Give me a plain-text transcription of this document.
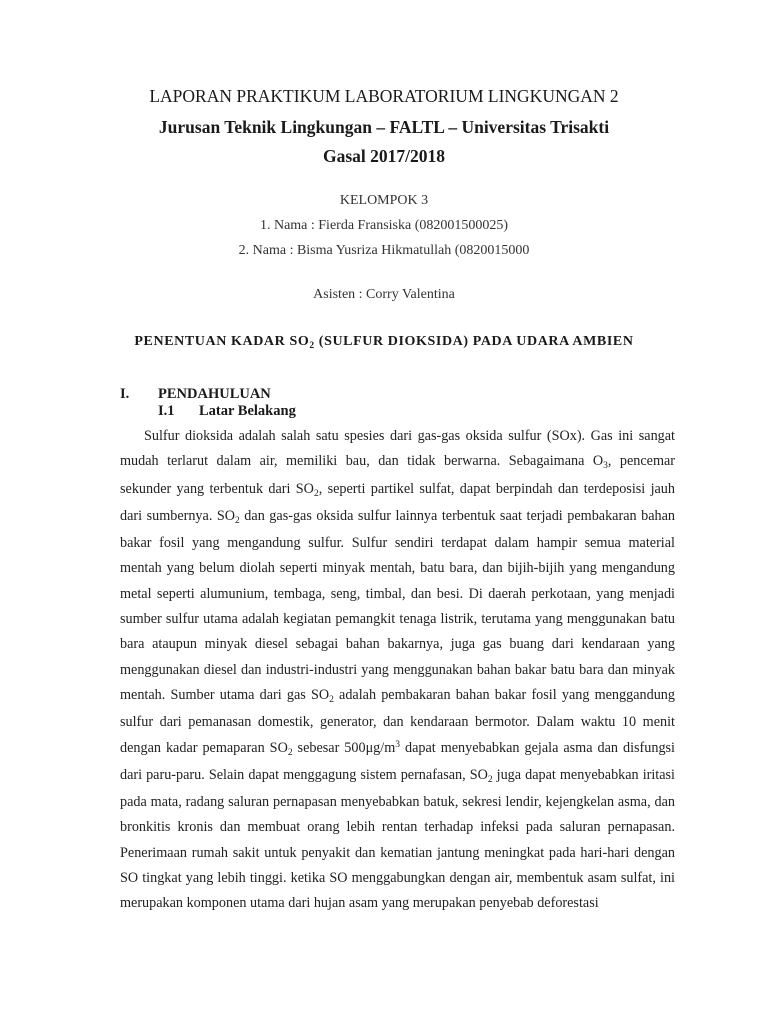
LAPORAN PRAKTIKUM LABORATORIUM LINGKUNGAN 2
Jurusan Teknik Lingkungan – FALTL – Universitas Trisakti
Gasal 2017/2018
KELOMPOK 3
1. Nama : Fierda Fransiska (082001500025)
2. Nama : Bisma Yusriza Hikmatullah (0820015000
Asisten : Corry Valentina
PENENTUAN KADAR $SO_2$ (SULFUR DIOKSIDA) PADA UDARA AMBIEN
I. PENDAHULUAN
I.1 Latar Belakang
Sulfur dioksida adalah salah satu spesies dari gas-gas oksida sulfur (SOx). Gas ini sangat mudah terlarut dalam air, memiliki bau, dan tidak berwarna. Sebagaimana $O_3$, pencemar sekunder yang terbentuk dari $SO_2$, seperti partikel sulfat, dapat berpindah dan terdeposisi jauh dari sumbernya. $SO_2$ dan gas-gas oksida sulfur lainnya terbentuk saat terjadi pembakaran bahan bakar fosil yang mengandung sulfur. Sulfur sendiri terdapat dalam hampir semua material mentah yang belum diolah seperti minyak mentah, batu bara, dan bijih-bijih yang mengandung metal seperti alumunium, tembaga, seng, timbal, dan besi. Di daerah perkotaan, yang menjadi sumber sulfur utama adalah kegiatan pemangkit tenaga listrik, terutama yang menggunakan batu bara ataupun minyak diesel sebagai bahan bakarnya, juga gas buang dari kendaraan yang menggunakan diesel dan industri-industri yang menggunakan bahan bakar batu bara dan minyak mentah. Sumber utama dari gas $SO_2$ adalah pembakaran bahan bakar fosil yang menggandung sulfur dari pemanasan domestik, generator, dan kendaraan bermotor. Dalam waktu 10 menit dengan kadar pemaparan $SO_2$ sebesar $500\mu g/m^3$ dapat menyebabkan gejala asma dan disfungsi dari paru-paru. Selain dapat menggagung sistem pernafasan, $SO_2$ juga dapat menyebabkan iritasi pada mata, radang saluran pernapasan menyebabkan batuk, sekresi lendir, kejengkelan asma, dan bronkitis kronis dan membuat orang lebih rentan terhadap infeksi pada saluran pernapasan. Penerimaan rumah sakit untuk penyakit dan kematian jantung meningkat pada hari-hari dengan SO tingkat yang lebih tinggi. ketika SO menggabungkan dengan air, membentuk asam sulfat, ini merupakan komponen utama dari hujan asam yang merupakan penyebab deforestasi
